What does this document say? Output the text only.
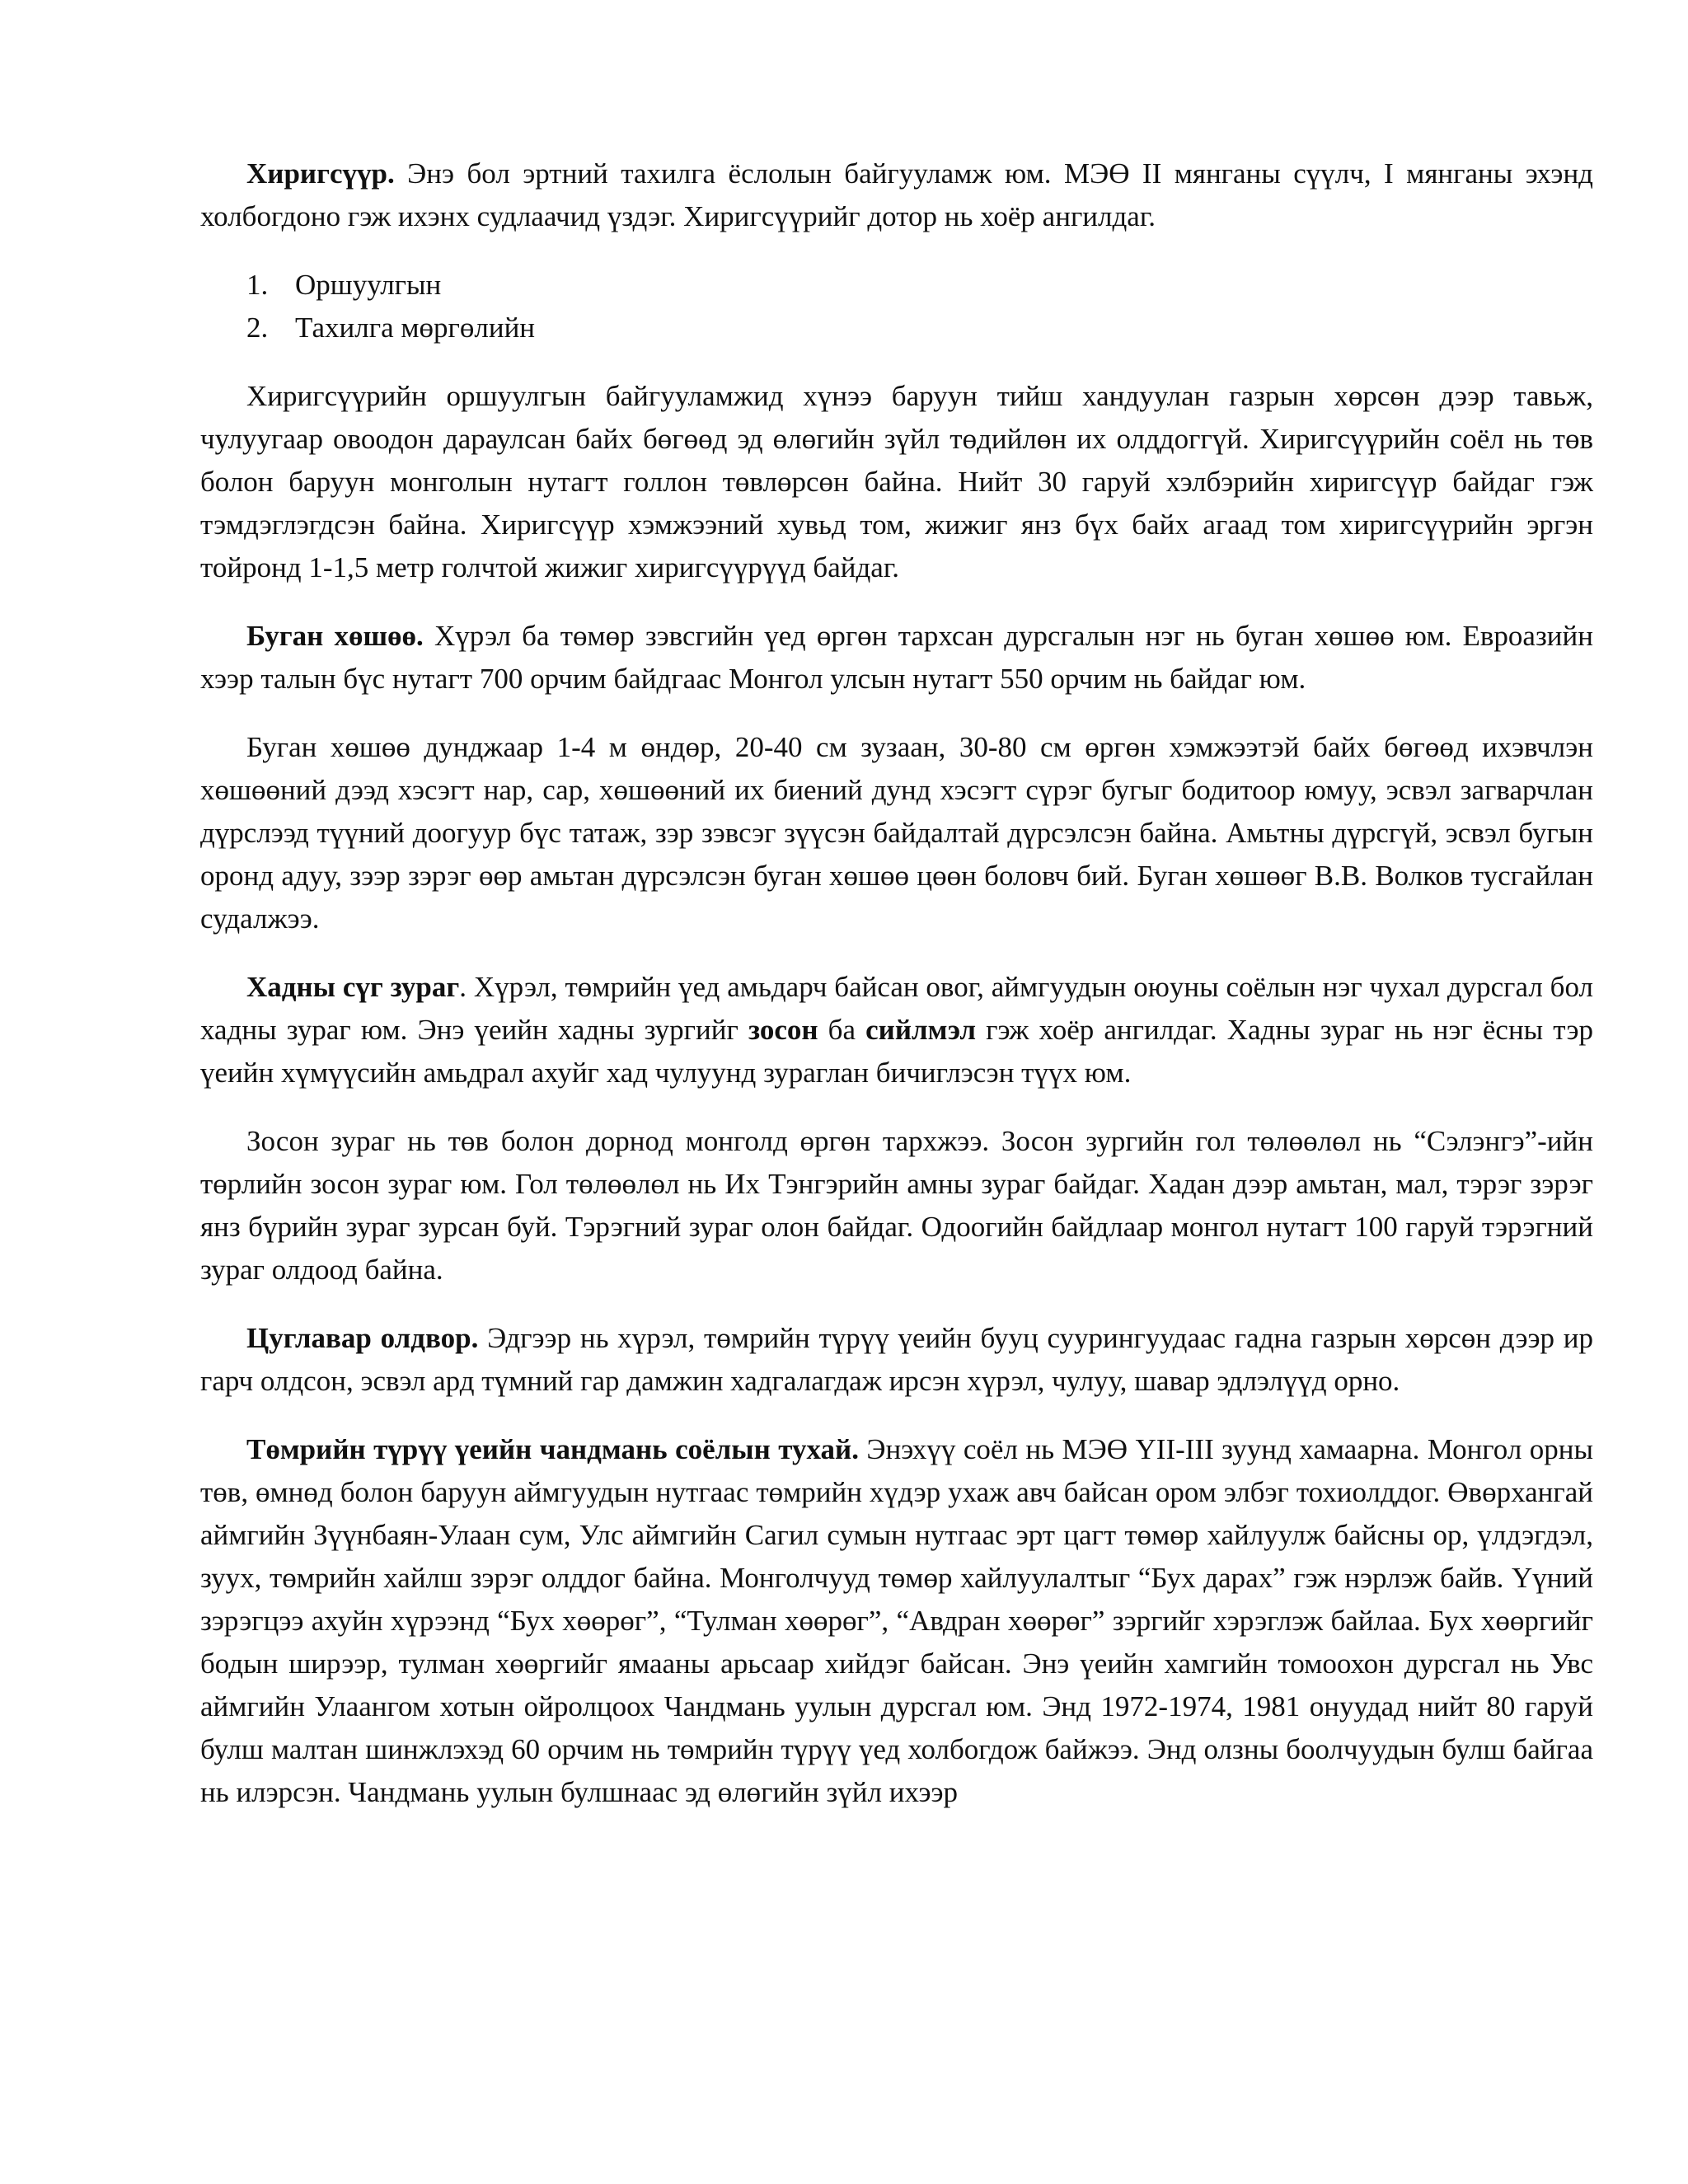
Хиригсүүр. Энэ бол эртний тахилга ёслолын байгууламж юм. МЭӨ II мянганы сүүлч, I мянганы эхэнд холбогдоно гэж ихэнх судлаачид үздэг. Хиригсүүрийг дотор нь хоёр ангилдаг.

1. Оршуулгын
2. Тахилга мөргөлийн

Хиригсүүрийн оршуулгын байгууламжид хүнээ баруун тийш хандуулан газрын хөрсөн дээр тавьж, чулуугаар овоодон дараулсан байх бөгөөд эд өлөгийн зүйл төдийлөн их олддоггүй. Хиригсүүрийн соёл нь төв болон баруун монголын нутагт голлон төвлөрсөн байна. Нийт 30 гаруй хэлбэрийн хиригсүүр байдаг гэж тэмдэглэгдсэн байна. Хиригсүүр хэмжээний хувьд том, жижиг янз бүх байх агаад том хиригсүүрийн эргэн тойронд 1-1,5 метр голчтой жижиг хиригсүүрүүд байдаг.

Буган хөшөө. Хүрэл ба төмөр зэвсгийн үед өргөн тархсан дурсгалын нэг нь буган хөшөө юм. Евроазийн хээр талын бүс нутагт 700 орчим байдгаас Монгол улсын нутагт 550 орчим нь байдаг юм.

Буган хөшөө дунджаар 1-4 м өндөр, 20-40 см зузаан, 30-80 см өргөн хэмжээтэй байх бөгөөд ихэвчлэн хөшөөний дээд хэсэгт нар, сар, хөшөөний их биений дунд хэсэгт сүрэг бугыг бодитоор юмуу, эсвэл загварчлан дүрслээд түүний доогуур бүс татаж, зэр зэвсэг зүүсэн байдалтай дүрсэлсэн байна. Амьтны дүрсгүй, эсвэл бугын оронд адуу, зээр зэрэг өөр амьтан дүрсэлсэн буган хөшөө цөөн боловч бий. Буган хөшөөг В.В. Волков тусгайлан судалжээ.

Хадны сүг зураг. Хүрэл, төмрийн үед амьдарч байсан овог, аймгуудын оюуны соёлын нэг чухал дурсгал бол хадны зураг юм. Энэ үеийн хадны зургийг зосон ба сийлмэл гэж хоёр ангилдаг. Хадны зураг нь нэг ёсны тэр үеийн хүмүүсийн амьдрал ахуйг хад чулуунд зураглан бичиглэсэн түүх юм.

Зосон зураг нь төв болон дорнод монголд өргөн тархжээ. Зосон зургийн гол төлөөлөл нь “Сэлэнгэ”-ийн төрлийн зосон зураг юм. Гол төлөөлөл нь Их Тэнгэрийн амны зураг байдаг. Хадан дээр амьтан, мал, тэрэг зэрэг янз бүрийн зураг зурсан буй. Тэрэгний зураг олон байдаг. Одоогийн байдлаар монгол нутагт 100 гаруй тэрэгний зураг олдоод байна.

Цуглавар олдвор. Эдгээр нь хүрэл, төмрийн түрүү үеийн бууц суурингуудаас гадна газрын хөрсөн дээр ир гарч олдсон, эсвэл ард түмний гар дамжин хадгалагдаж ирсэн хүрэл, чулуу, шавар эдлэлүүд орно.

Төмрийн түрүү үеийн чандмань соёлын тухай. Энэхүү соёл нь МЭӨ YII-III зуунд хамаарна. Монгол орны төв, өмнөд болон баруун аймгуудын нутгаас төмрийн хүдэр ухаж авч байсан ором элбэг тохиолддог. Өвөрхангай аймгийн Зүүнбаян-Улаан сум, Улс аймгийн Сагил сумын нутгаас эрт цагт төмөр хайлуулж байсны ор, үлдэгдэл, зуух, төмрийн хайлш зэрэг олддог байна. Монголчууд төмөр хайлуулалтыг “Бух дарах” гэж нэрлэж байв. Үүний зэрэгцээ ахуйн хүрээнд “Бух хөөрөг”, “Тулман хөөрөг”, “Авдран хөөрөг” зэргийг хэрэглэж байлаа. Бух хөөргийг бодын ширээр, тулман хөөргийг ямааны арьсаар хийдэг байсан. Энэ үеийн хамгийн томоохон дурсгал нь Увс аймгийн Улаангом хотын ойролцоох Чандмань уулын дурсгал юм. Энд 1972-1974, 1981 онуудад нийт 80 гаруй булш малтан шинжлэхэд 60 орчим нь төмрийн түрүү үед холбогдож байжээ. Энд олзны боолчуудын булш байгаа нь илэрсэн. Чандмань уулын булшнаас эд өлөгийн зүйл ихээр
